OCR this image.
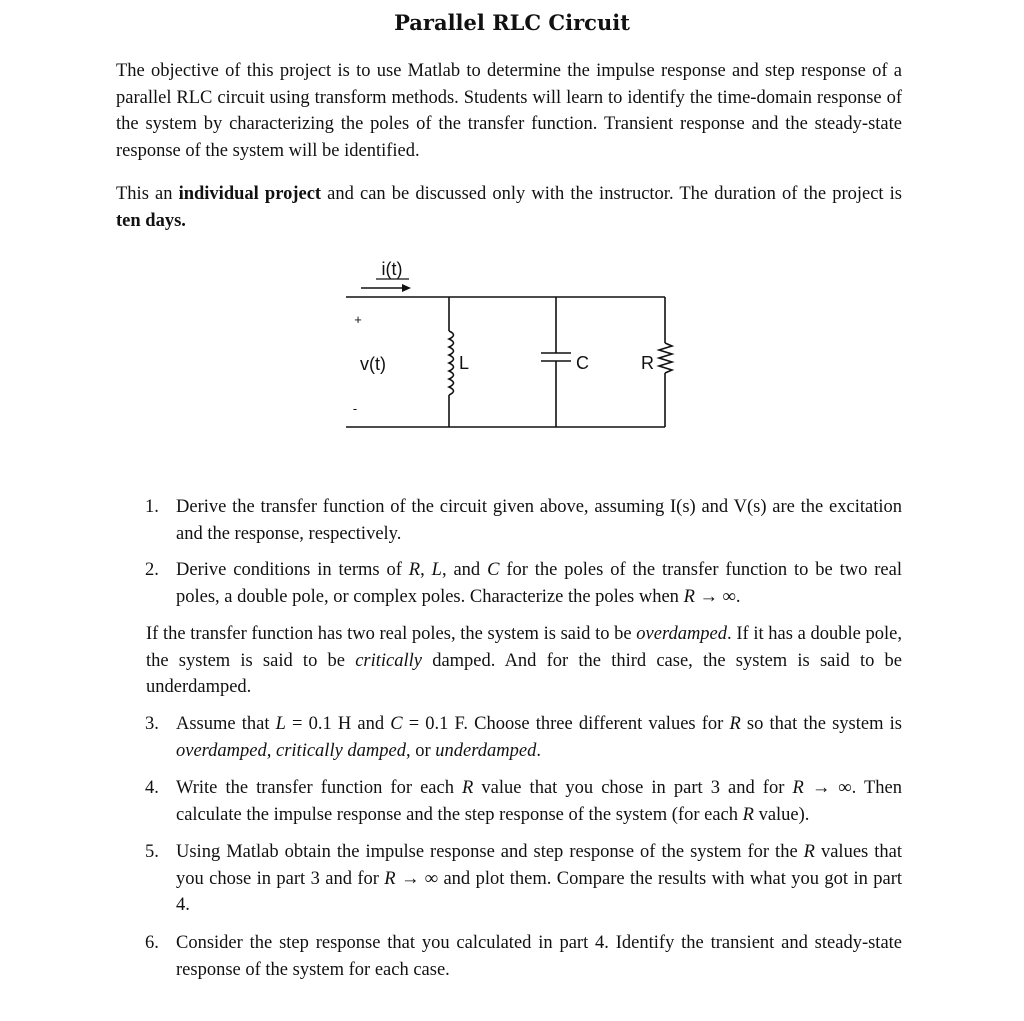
Parallel RLC Circuit

The objective of this project is to use Matlab to determine the impulse response and step response of a parallel RLC circuit using transform methods. Students will learn to identify the time-domain response of the system by characterizing the poles of the transfer function. Transient response and the steady-state response of the system will be identified.

This an individual project and can be discussed only with the instructor. The duration of the project is ten days.

i(t)
+
v(t)
-
L	C	R
1. Derive the transfer function of the circuit given above, assuming I(s) and V(s) are the excitation and the response, respectively.
2. Derive conditions in terms of R, L, and C for the poles of the transfer function to be two real poles, a double pole, or complex poles. Characterize the poles when R → ∞.

If the transfer function has two real poles, the system is said to be overdamped. If it has a double pole, the system is said to be critically damped. And for the third case, the system is said to be underdamped.

3. Assume that L = 0.1 H and C = 0.1 F. Choose three different values for R so that the system is overdamped, critically damped, or underdamped.
4. Write the transfer function for each R value that you chose in part 3 and for R → ∞. Then calculate the impulse response and the step response of the system (for each R value).
5. Using Matlab obtain the impulse response and step response of the system for the R values that you chose in part 3 and for R → ∞ and plot them. Compare the results with what you got in part 4.
6. Consider the step response that you calculated in part 4. Identify the transient and steady-state response of the system for each case.
